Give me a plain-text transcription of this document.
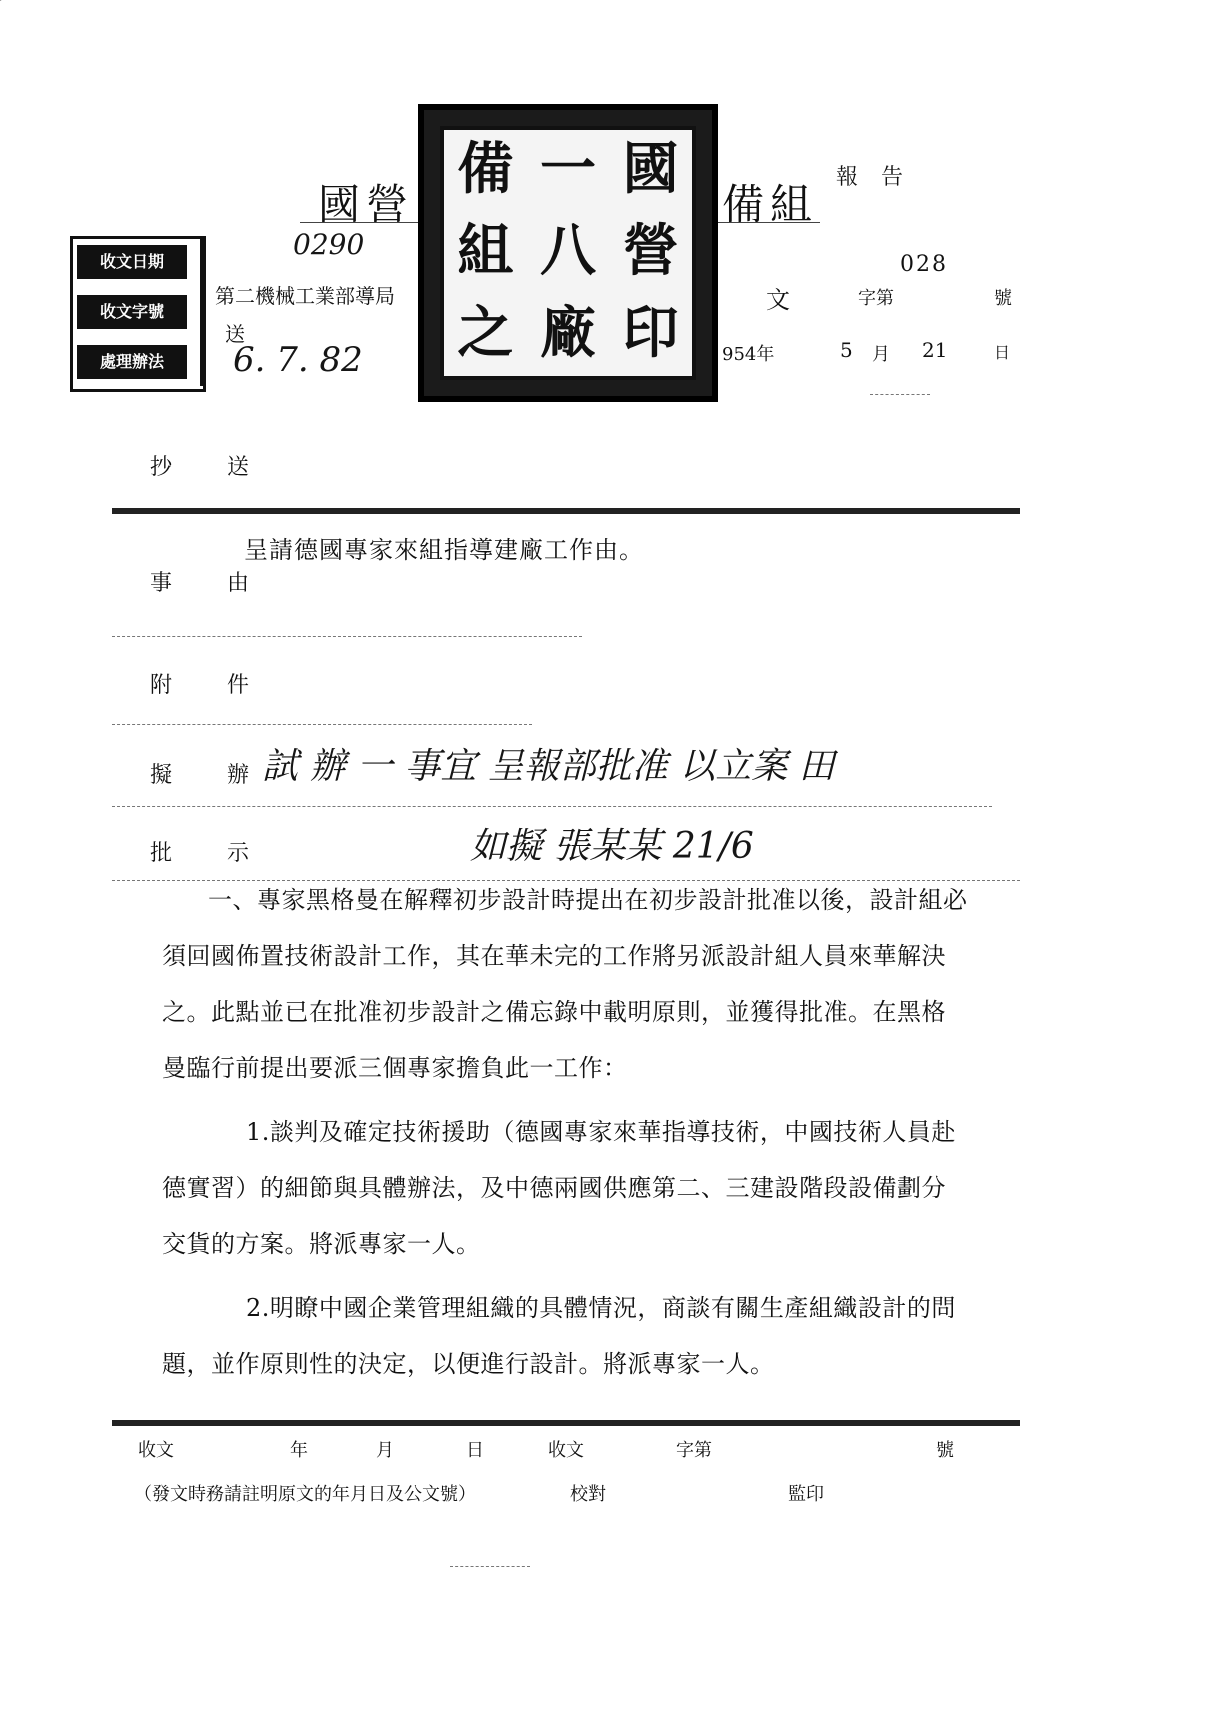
國營	備組
報 告
收文日期
收文字號
處理辦法
0290
第二機械工業部導局
送
6. 7. 82
備 一 國
組 八 營
之 廠 印
028
文	字第	號
954年	5 月 21	日
抄 送
呈請德國專家來組指導建廠工作由。
事 由
附 件
擬 辦
試 辦 一 事宜 呈報部批准 以立案 田
批 示	如擬 張某某 21/6
一、專家黑格曼在解釋初步設計時提出在初步設計批准以後，設計組必
須回國佈置技術設計工作，其在華未完的工作將另派設計組人員來華解決
之。此點並已在批准初步設計之備忘錄中載明原則，並獲得批准。在黑格
曼臨行前提出要派三個專家擔負此一工作：
1.談判及確定技術援助（德國專家來華指導技術，中國技術人員赴
德實習）的細節與具體辦法，及中德兩國供應第二、三建設階段設備劃分
交貨的方案。將派專家一人。
2.明瞭中國企業管理組織的具體情況，商談有關生產組織設計的問
題，並作原則性的決定，以便進行設計。將派專家一人。
收文	年	月	日	收文	字第	號
（發文時務請註明原文的年月日及公文號）	校對	監印
